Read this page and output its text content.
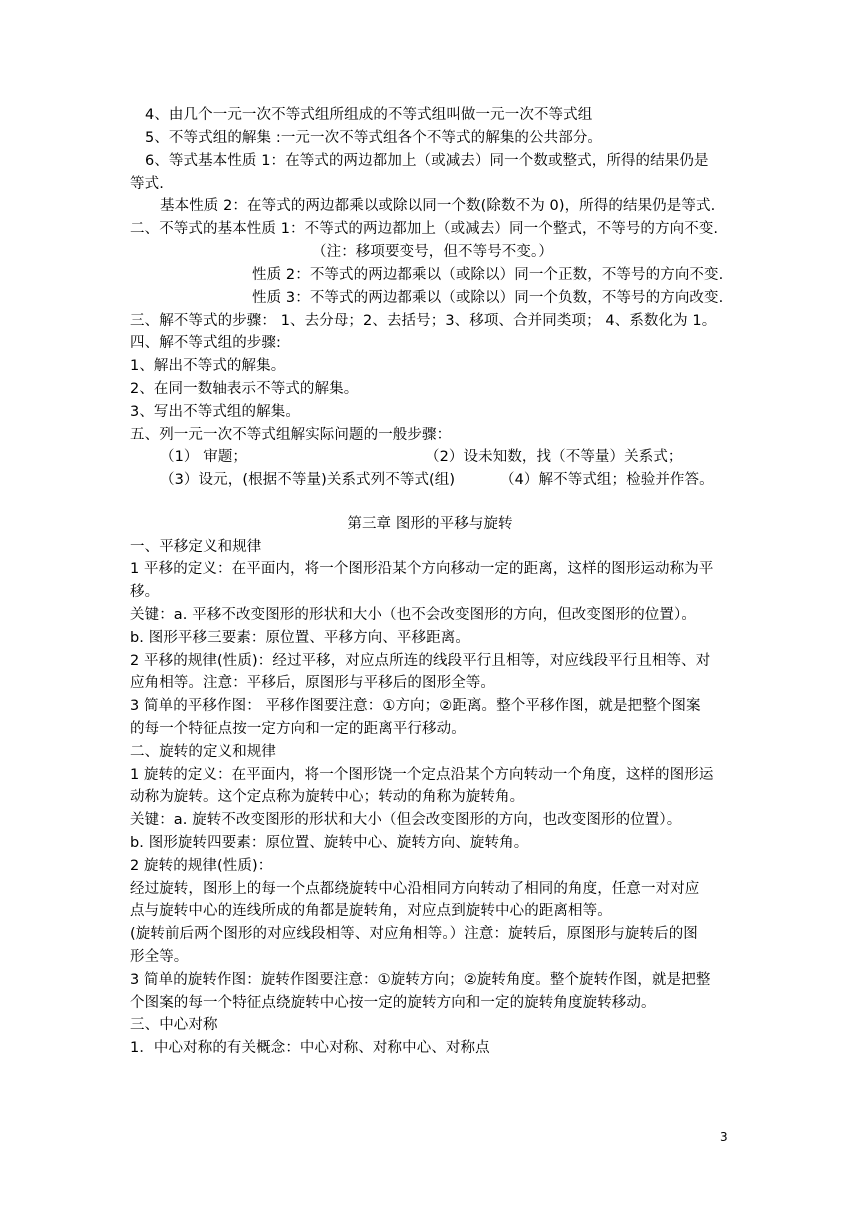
4、由几个一元一次不等式组所组成的不等式组叫做一元一次不等式组
5、不等式组的解集 :一元一次不等式组各个不等式的解集的公共部分。
6、等式基本性质 1：在等式的两边都加上（或减去）同一个数或整式，所得的结果仍是
等式.
基本性质 2：在等式的两边都乘以或除以同一个数(除数不为 0)，所得的结果仍是等式.
二、不等式的基本性质 1：不等式的两边都加上（或减去）同一个整式，不等号的方向不变.
（注：移项要变号，但不等号不变。）
性质 2：不等式的两边都乘以（或除以）同一个正数，不等号的方向不变.
性质 3：不等式的两边都乘以（或除以）同一个负数，不等号的方向改变.
三、解不等式的步骤： 1、去分母；2、去括号；3、移项、合并同类项； 4、系数化为 1。
四、解不等式组的步骤:
1、解出不等式的解集。
2、在同一数轴表示不等式的解集。
3、写出不等式组的解集。
五、列一元一次不等式组解实际问题的一般步骤：
（1） 审题；	（2）设未知数，找（不等量）关系式；
（3）设元，(根据不等量)关系式列不等式(组)	（4）解不等式组；检验并作答。
第三章 图形的平移与旋转
一、平移定义和规律
1 平移的定义：在平面内，将一个图形沿某个方向移动一定的距离，这样的图形运动称为平
移。
关键：a. 平移不改变图形的形状和大小（也不会改变图形的方向，但改变图形的位置）。
b. 图形平移三要素：原位置、平移方向、平移距离。
2 平移的规律(性质)：经过平移，对应点所连的线段平行且相等，对应线段平行且相等、对
应角相等。注意：平移后，原图形与平移后的图形全等。
3 简单的平移作图： 平移作图要注意：①方向；②距离。整个平移作图，就是把整个图案
的每一个特征点按一定方向和一定的距离平行移动。
二、旋转的定义和规律
1 旋转的定义：在平面内，将一个图形饶一个定点沿某个方向转动一个角度，这样的图形运
动称为旋转。这个定点称为旋转中心；转动的角称为旋转角。
关键：a. 旋转不改变图形的形状和大小（但会改变图形的方向，也改变图形的位置）。
b. 图形旋转四要素：原位置、旋转中心、旋转方向、旋转角。
2 旋转的规律(性质)：
经过旋转，图形上的每一个点都绕旋转中心沿相同方向转动了相同的角度，任意一对对应
点与旋转中心的连线所成的角都是旋转角，对应点到旋转中心的距离相等。
(旋转前后两个图形的对应线段相等、对应角相等。）注意：旋转后，原图形与旋转后的图
形全等。
3 简单的旋转作图：旋转作图要注意：①旋转方向；②旋转角度。整个旋转作图，就是把整
个图案的每一个特征点绕旋转中心按一定的旋转方向和一定的旋转角度旋转移动。
三、中心对称
1．中心对称的有关概念：中心对称、对称中心、对称点
3
